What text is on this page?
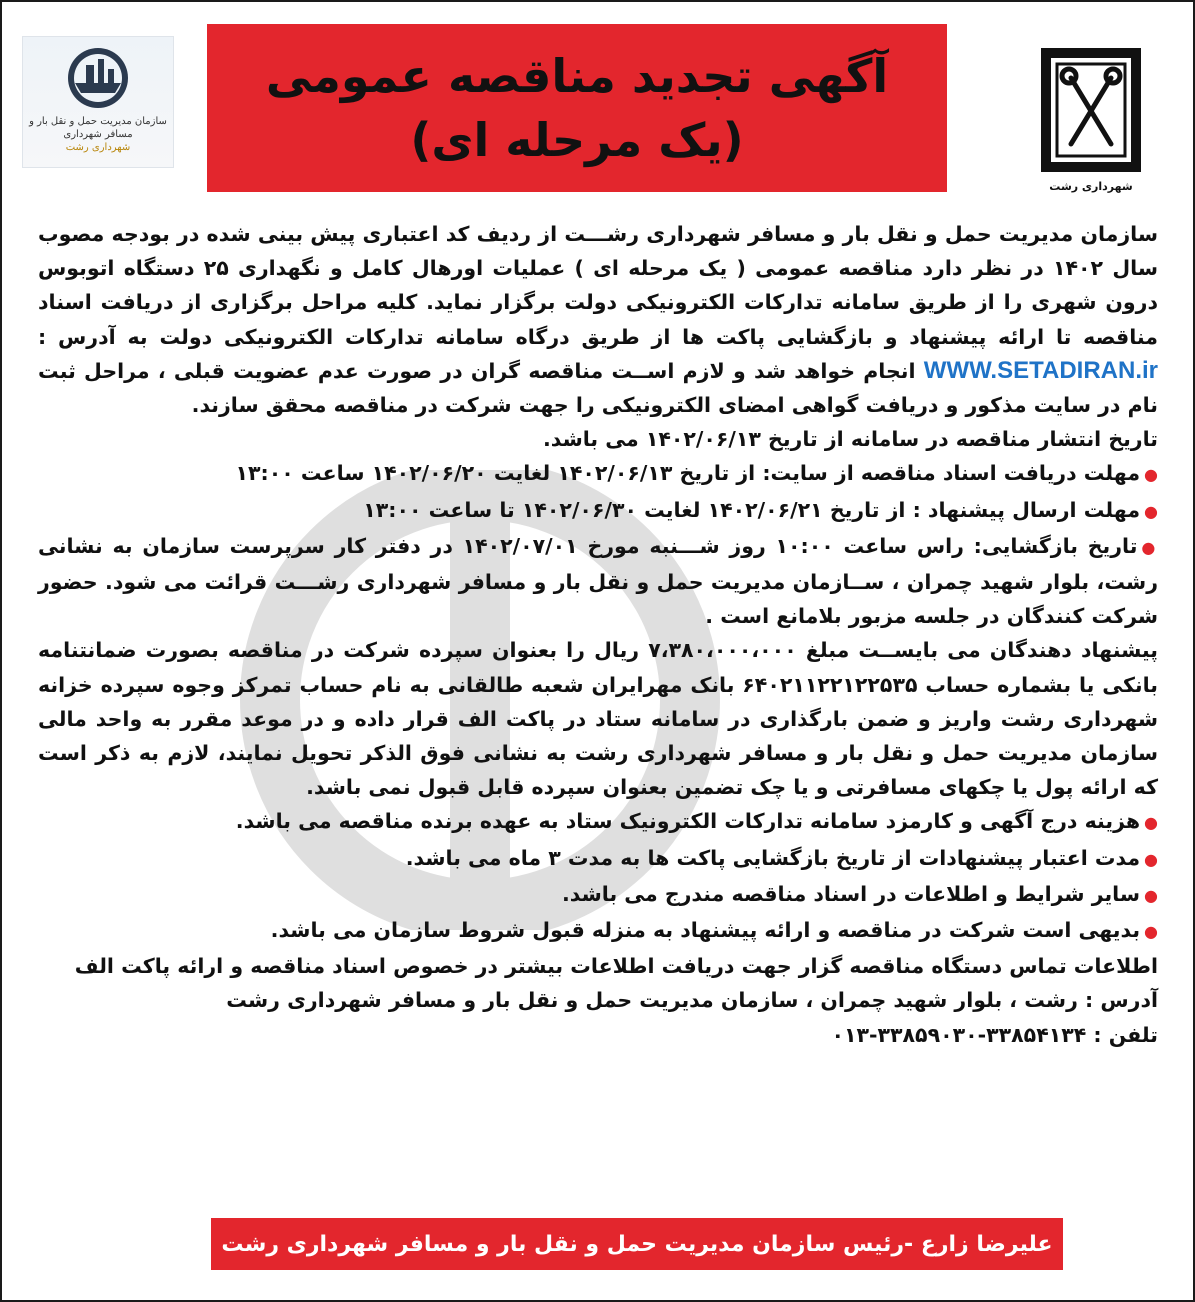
سازمان مدیریت حمل و نقل بار و مسافر شهرداری
شهرداری رشت
آگهی تجدید مناقصه عمومی
(یک مرحله ای)
شهرداری رشت

سازمان مدیریت حمل و نقل بار و مسافر شهرداری رشـــت از ردیف کد اعتباری پیش بینی شده در بودجه مصوب سال ۱۴۰۲ در نظر دارد مناقصه عمومی ( یک مرحله ای ) عملیات اورهال کامل و نگهداری ۲۵ دستگاه اتوبوس درون شهری را از طریق سامانه تدارکات الکترونیکی دولت برگزار نماید. کلیه مراحل برگزاری از دریافت اسناد مناقصه تا ارائه پیشنهاد و بازگشایی پاکت ها از طریق درگاه سامانه تدارکات الکترونیکی دولت به آدرس : WWW.SETADIRAN.ir انجام خواهد شد و لازم اســت مناقصه گران در صورت عدم عضویت قبلی ، مراحل ثبت نام در سایت مذکور و دریافت گواهی امضای الکترونیکی را جهت شرکت در مناقصه محقق سازند.

تاریخ انتشار مناقصه در سامانه از تاریخ ۱۴۰۲/۰۶/۱۳ می باشد.

●مهلت دریافت اسناد مناقصه از سایت: از تاریخ ۱۴۰۲/۰۶/۱۳ لغایت ۱۴۰۲/۰۶/۲۰ ساعت ۱۳:۰۰

●مهلت ارسال پیشنهاد : از تاریخ ۱۴۰۲/۰۶/۲۱ لغایت ۱۴۰۲/۰۶/۳۰ تا ساعت ۱۳:۰۰

●تاریخ بازگشایی: راس ساعت ۱۰:۰۰ روز شـــنبه مورخ ۱۴۰۲/۰۷/۰۱ در دفتر کار سرپرست سازمان به نشانی رشت، بلوار شهید چمران ، ســازمان مدیریت حمل و نقل بار و مسافر شهرداری رشـــت قرائت می شود. حضور شرکت کنندگان در جلسه مزبور بلامانع است .

پیشنهاد دهندگان می بایســت مبلغ ۷،۳۸۰،۰۰۰،۰۰۰ ریال را بعنوان سپرده شرکت در مناقصه بصورت ضمانتنامه بانکی یا بشماره حساب ۶۴۰۲۱۱۲۲۱۲۲۵۳۵ بانک مهرایران شعبه طالقانی به نام حساب تمرکز وجوه سپرده خزانه شهرداری رشت واریز و ضمن بارگذاری در سامانه ستاد در پاکت الف قرار داده و در موعد مقرر به واحد مالی سازمان مدیریت حمل و نقل بار و مسافر شهرداری رشت به نشانی فوق الذکر تحویل نمایند، لازم به ذکر است که ارائه پول یا چکهای مسافرتی و یا چک تضمین بعنوان سپرده قابل قبول نمی باشد.

●هزینه درج آگهی و کارمزد سامانه تدارکات الکترونیک ستاد به عهده برنده مناقصه می باشد.

●مدت اعتبار پیشنهادات از تاریخ بازگشایی پاکت ها به مدت ۳ ماه می باشد.

●سایر شرایط و اطلاعات در اسناد مناقصه مندرج می باشد.

●بدیهی است شرکت در مناقصه و ارائه پیشنهاد به منزله قبول شروط سازمان می باشد.

اطلاعات تماس دستگاه مناقصه گزار جهت دریافت اطلاعات بیشتر در خصوص اسناد مناقصه و ارائه پاکت الف

آدرس : رشت ، بلوار شهید چمران ، سازمان مدیریت حمل و نقل بار و مسافر شهرداری رشت

تلفن : ۳۳۸۵۴۱۳۴-۳۳۸۵۹۰۳۰-۰۱۳

علیرضا زارع -رئیس سازمان مدیریت حمل و نقل بار و مسافر شهرداری رشت
